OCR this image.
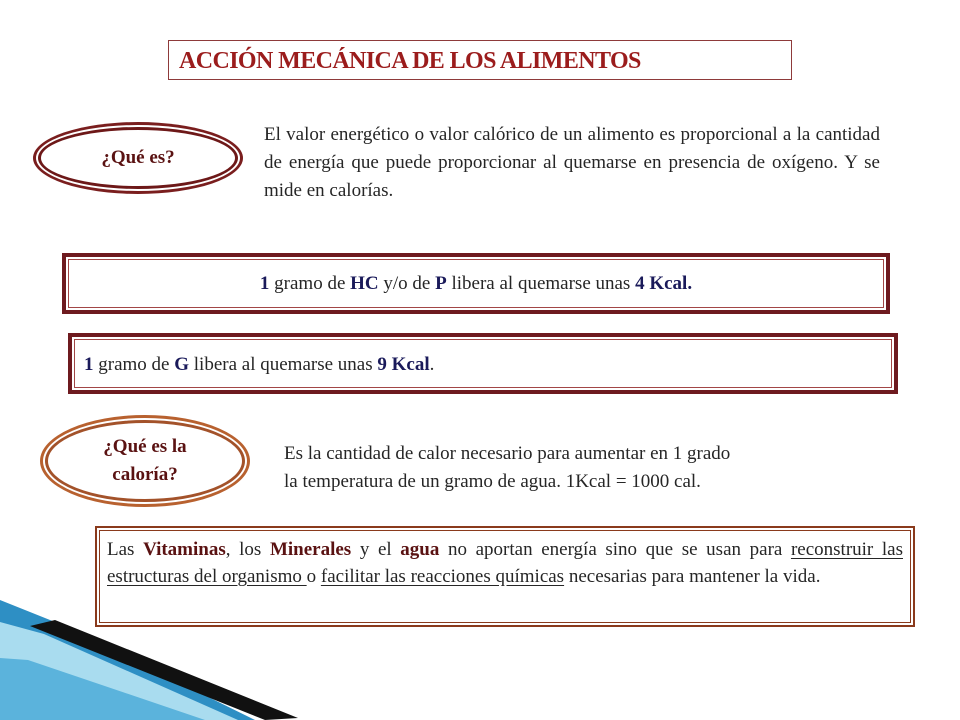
ACCIÓN MECÁNICA DE LOS ALIMENTOS
¿Qué es?
El valor energético o valor calórico de un alimento es proporcional a la cantidad de energía que puede proporcionar al quemarse en presencia de oxígeno. Y se mide en calorías.
1 gramo de HC y/o de P libera al quemarse unas 4 Kcal.
1 gramo de G libera al quemarse unas 9 Kcal.
¿Qué es la
caloría?
Es la cantidad de calor necesario para aumentar en 1 grado
la temperatura de un gramo de agua. 1Kcal = 1000 cal.
Las Vitaminas, los Minerales y el agua no aportan energía sino que se usan para reconstruir las estructuras del organismo o facilitar las reacciones químicas necesarias para mantener la vida.
